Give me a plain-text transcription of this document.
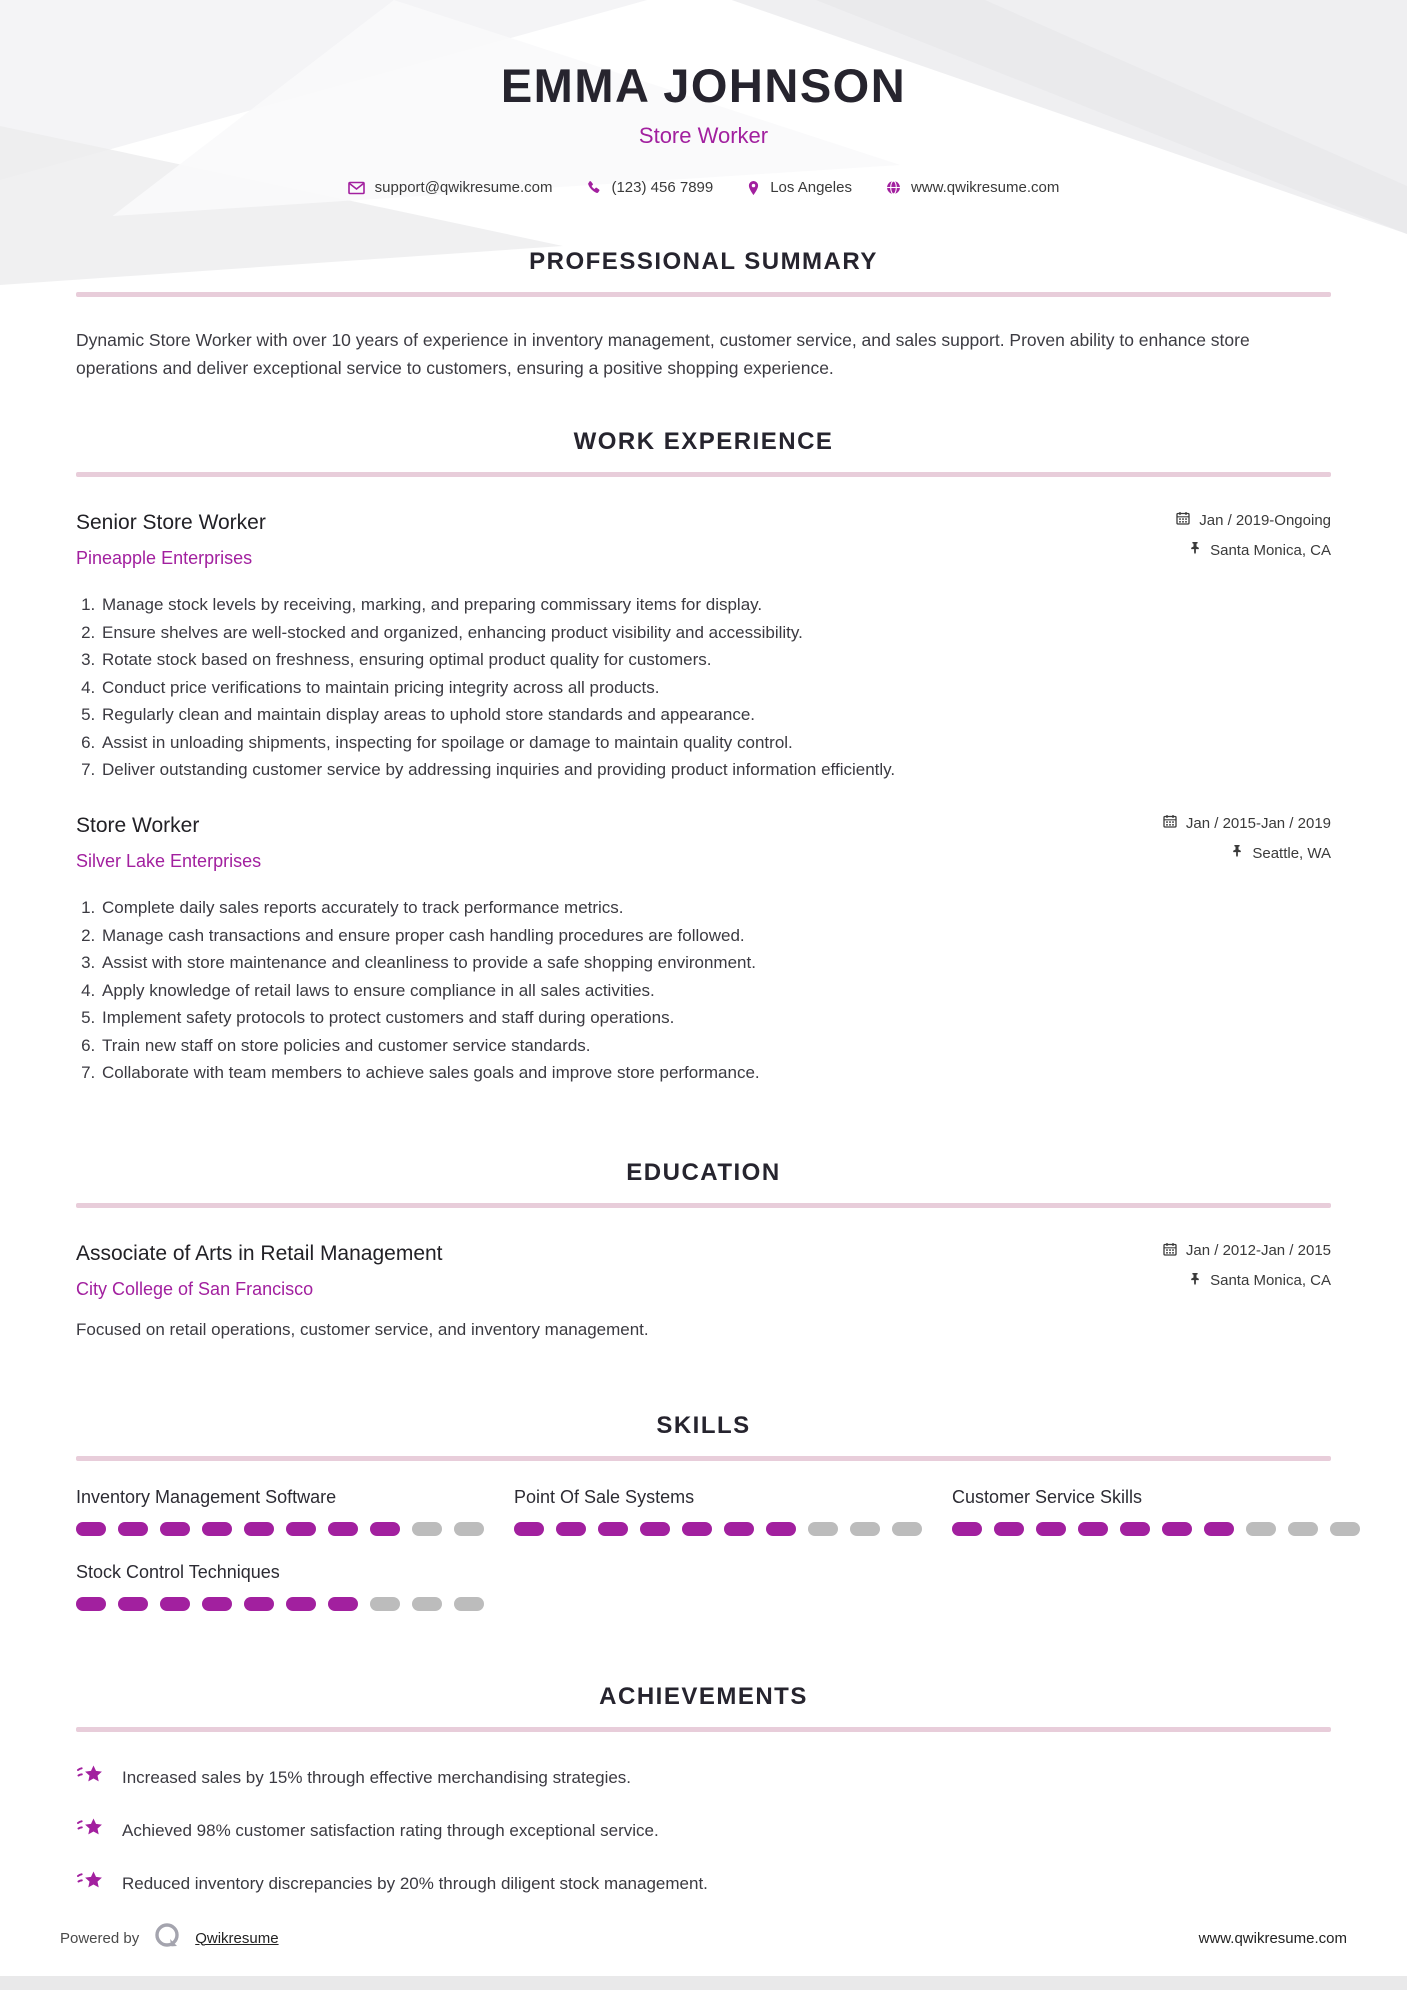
EMMA JOHNSON
Store Worker
support@qwikresume.com	(123) 456 7899	Los Angeles	www.qwikresume.com
PROFESSIONAL SUMMARY

Dynamic Store Worker with over 10 years of experience in inventory management, customer service, and sales support. Proven ability to enhance store operations and deliver exceptional service to customers, ensuring a positive shopping experience.

WORK EXPERIENCE
Senior Store Worker
Pineapple Enterprises
1. Manage stock levels by receiving, marking, and preparing commissary items for display.
2. Ensure shelves are well-stocked and organized, enhancing product visibility and accessibility.
3. Rotate stock based on freshness, ensuring optimal product quality for customers.
4. Conduct price verifications to maintain pricing integrity across all products.
5. Regularly clean and maintain display areas to uphold store standards and appearance.
6. Assist in unloading shipments, inspecting for spoilage or damage to maintain quality control.
7. Deliver outstanding customer service by addressing inquiries and providing product information efficiently.
Jan / 2019-Ongoing
Santa Monica, CA
Store Worker
Silver Lake Enterprises
1. Complete daily sales reports accurately to track performance metrics.
2. Manage cash transactions and ensure proper cash handling procedures are followed.
3. Assist with store maintenance and cleanliness to provide a safe shopping environment.
4. Apply knowledge of retail laws to ensure compliance in all sales activities.
5. Implement safety protocols to protect customers and staff during operations.
6. Train new staff on store policies and customer service standards.
7. Collaborate with team members to achieve sales goals and improve store performance.
Jan / 2015-Jan / 2019
Seattle, WA
EDUCATION
Associate of Arts in Retail Management
City College of San Francisco
Focused on retail operations, customer service, and inventory management.
Jan / 2012-Jan / 2015
Santa Monica, CA
SKILLS
Inventory Management Software	Point Of Sale Systems	Customer Service Skills
Stock Control Techniques
ACHIEVEMENTS
Increased sales by 15% through effective merchandising strategies.
Achieved 98% customer satisfaction rating through exceptional service.
Reduced inventory discrepancies by 20% through diligent stock management.
Powered by	Qwikresume	www.qwikresume.com
